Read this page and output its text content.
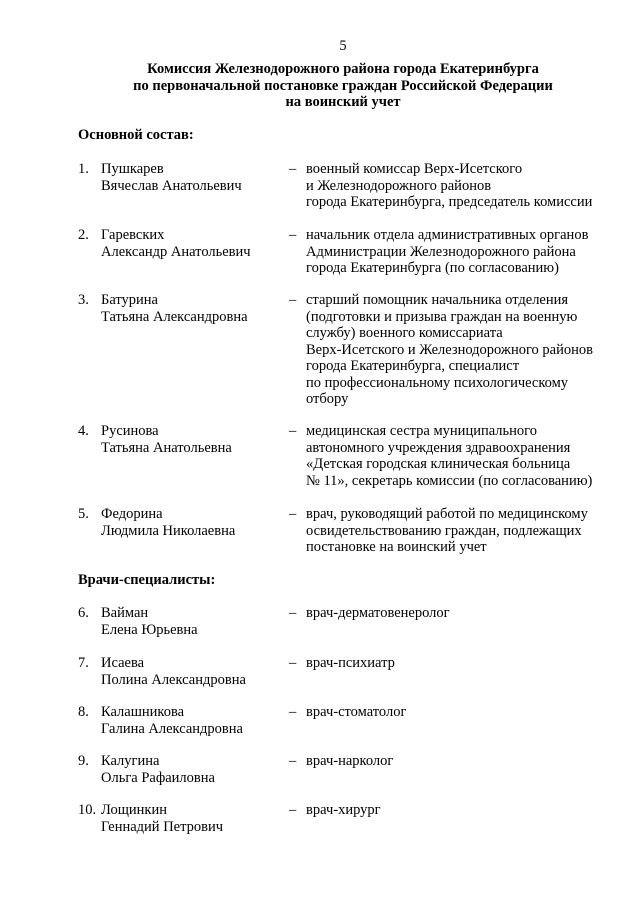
5
Комиссия Железнодорожного района города Екатеринбурга
по первоначальной постановке граждан Российской Федерации
на воинский учет
Основной состав:
1. Пушкарев
Вячеслав Анатольевич
– военный комиссар Верх-Исетского
и Железнодорожного районов
города Екатеринбурга, председатель комиссии
2. Гаревских
Александр Анатольевич
– начальник отдела административных органов
Администрации Железнодорожного района
города Екатеринбурга (по согласованию)
3. Батурина
Татьяна Александровна
– старший помощник начальника отделения
(подготовки и призыва граждан на военную
службу) военного комиссариата
Верх-Исетского и Железнодорожного районов
города Екатеринбурга, специалист
по профессиональному психологическому
отбору
4. Русинова
Татьяна Анатольевна
– медицинская сестра муниципального
автономного учреждения здравоохранения
«Детская городская клиническая больница
№ 11», секретарь комиссии (по согласованию)
5. Федорина
Людмила Николаевна
– врач, руководящий работой по медицинскому
освидетельствованию граждан, подлежащих
постановке на воинский учет
Врачи-специалисты:
6. Вайман
Елена Юрьевна
– врач-дерматовенеролог
7. Исаева
Полина Александровна
– врач-психиатр
8. Калашникова
Галина Александровна
– врач-стоматолог
9. Калугина
Ольга Рафаиловна
– врач-нарколог
10. Лощинкин
Геннадий Петрович
– врач-хирург
